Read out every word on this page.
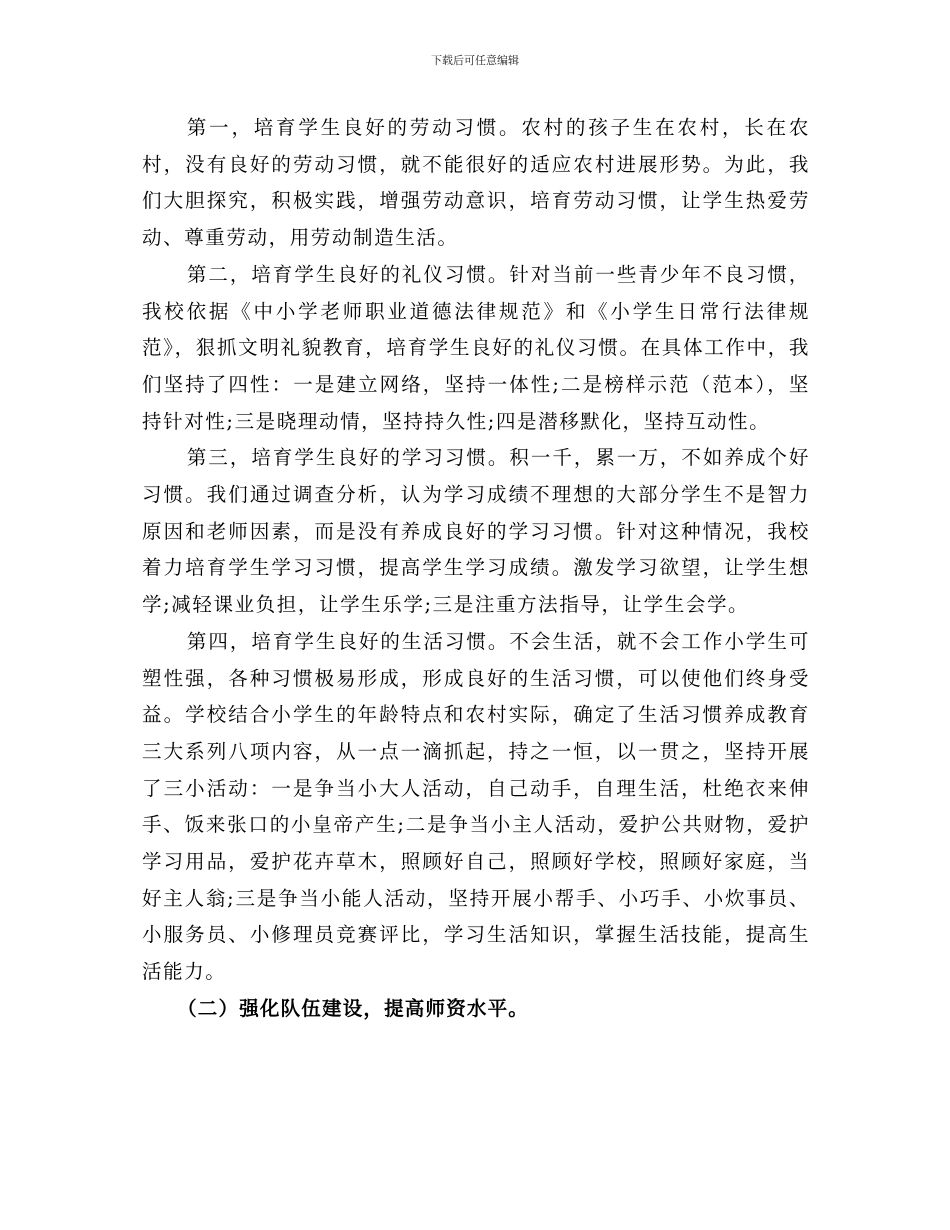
下载后可任意编辑

第一，培育学生良好的劳动习惯。农村的孩子生在农村，长在农村，没有良好的劳动习惯，就不能很好的适应农村进展形势。为此，我们大胆探究，积极实践，增强劳动意识，培育劳动习惯，让学生热爱劳动、尊重劳动，用劳动制造生活。

第二，培育学生良好的礼仪习惯。针对当前一些青少年不良习惯，我校依据《中小学老师职业道德法律规范》和《小学生日常行法律规范》，狠抓文明礼貌教育，培育学生良好的礼仪习惯。在具体工作中，我们坚持了四性：一是建立网络，坚持一体性;二是榜样示范（范本），坚持针对性;三是晓理动情，坚持持久性;四是潜移默化，坚持互动性。

第三，培育学生良好的学习习惯。积一千，累一万，不如养成个好习惯。我们通过调查分析，认为学习成绩不理想的大部分学生不是智力原因和老师因素，而是没有养成良好的学习习惯。针对这种情况，我校着力培育学生学习习惯，提高学生学习成绩。激发学习欲望，让学生想学;减轻课业负担，让学生乐学;三是注重方法指导，让学生会学。

第四，培育学生良好的生活习惯。不会生活，就不会工作小学生可塑性强，各种习惯极易形成，形成良好的生活习惯，可以使他们终身受益。学校结合小学生的年龄特点和农村实际，确定了生活习惯养成教育三大系列八项内容，从一点一滴抓起，持之一恒，以一贯之，坚持开展了三小活动：一是争当小大人活动，自己动手，自理生活，杜绝衣来伸手、饭来张口的小皇帝产生;二是争当小主人活动，爱护公共财物，爱护学习用品，爱护花卉草木，照顾好自己，照顾好学校，照顾好家庭，当好主人翁;三是争当小能人活动，坚持开展小帮手、小巧手、小炊事员、小服务员、小修理员竞赛评比，学习生活知识，掌握生活技能，提高生活能力。

（二）强化队伍建设，提高师资水平。
